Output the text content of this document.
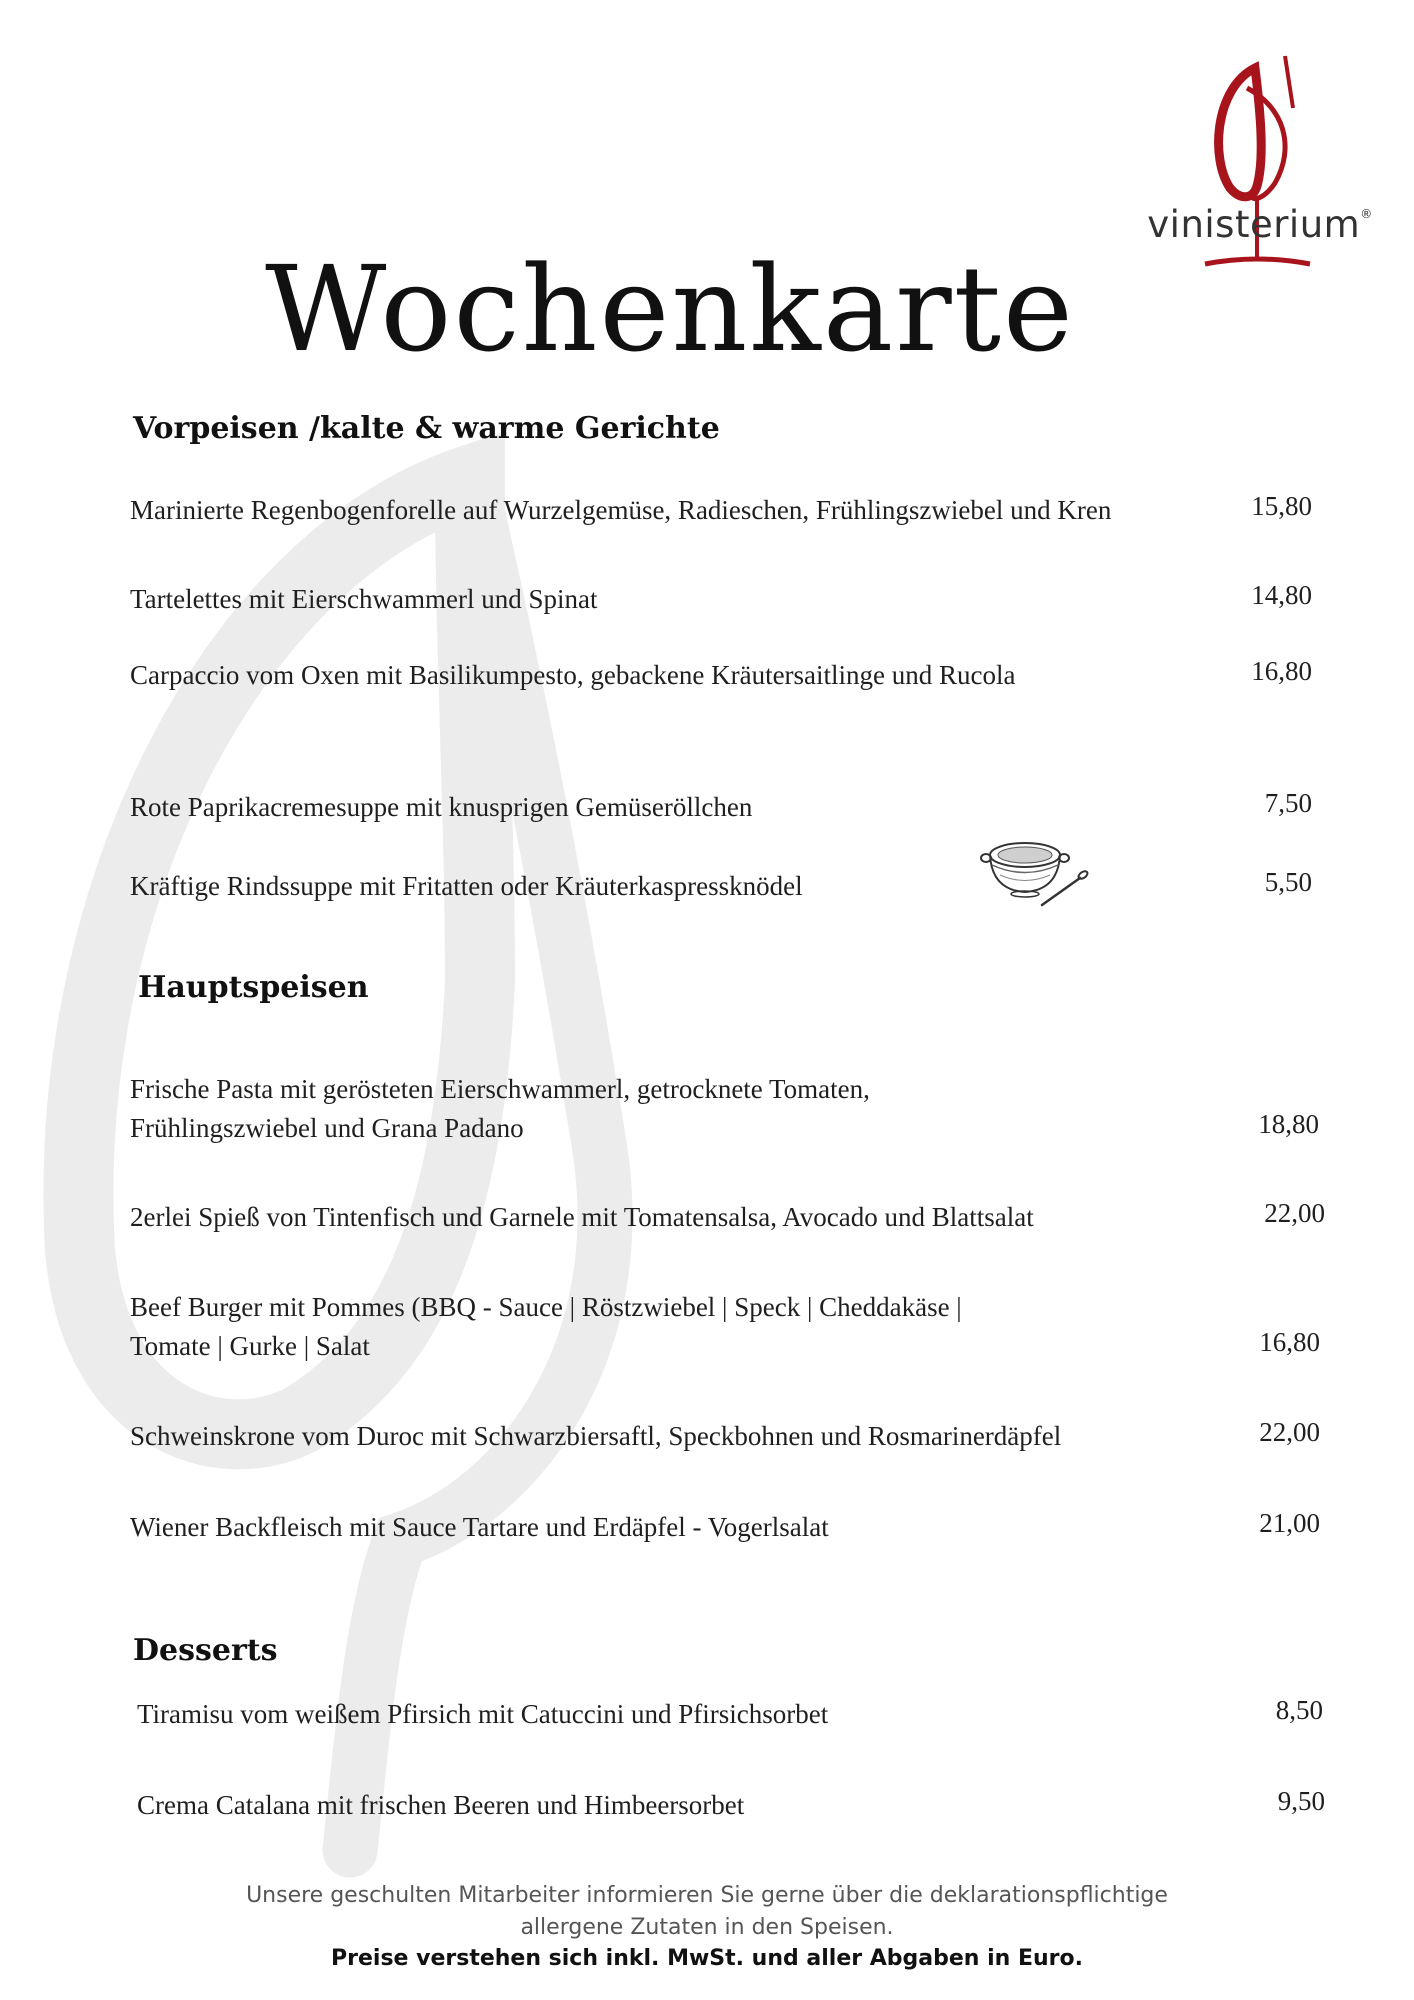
vinisterium®
Wochenkarte
Vorpeisen /kalte & warme Gerichte
Marinierte Regenbogenforelle auf Wurzelgemüse, Radieschen, Frühlingszwiebel und Kren	15,80
Tartelettes mit Eierschwammerl und Spinat	14,80
Carpaccio vom Oxen mit Basilikumpesto, gebackene Kräutersaitlinge und Rucola	16,80
Rote Paprikacremesuppe mit knusprigen Gemüseröllchen	7,50
Kräftige Rindssuppe mit Fritatten oder Kräuterkaspressknödel	5,50
Hauptspeisen
Frische Pasta mit gerösteten Eierschwammerl, getrocknete Tomaten,
Frühlingszwiebel und Grana Padano	18,80
2erlei Spieß von Tintenfisch und Garnele mit Tomatensalsa, Avocado und Blattsalat	22,00
Beef Burger mit Pommes (BBQ - Sauce | Röstzwiebel | Speck | Cheddakäse |
Tomate | Gurke | Salat	16,80
Schweinskrone vom Duroc mit Schwarzbiersaftl, Speckbohnen und Rosmarinerdäpfel	22,00
Wiener Backfleisch mit Sauce Tartare und Erdäpfel - Vogerlsalat	21,00
Desserts
Tiramisu vom weißem Pfirsich mit Catuccini und Pfirsichsorbet	8,50
Crema Catalana mit frischen Beeren und Himbeersorbet	9,50
Unsere geschulten Mitarbeiter informieren Sie gerne über die deklarationspflichtige
allergene Zutaten in den Speisen.
Preise verstehen sich inkl. MwSt. und aller Abgaben in Euro.
